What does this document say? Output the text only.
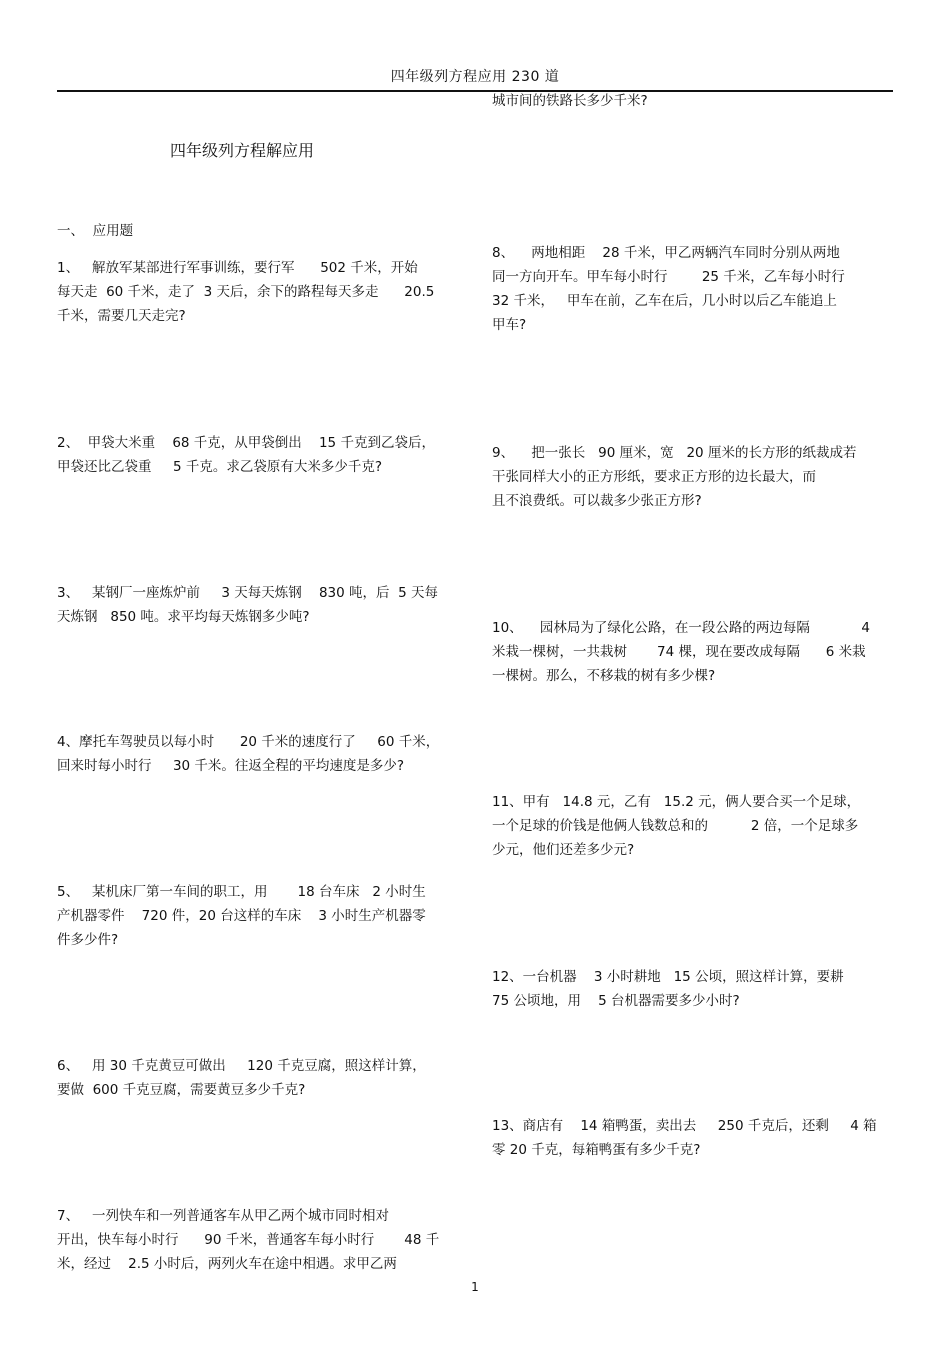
四年级列方程应用 230 道
四年级列方程解应用
一、  应用题
1、   解放军某部进行军事训练，要行军      502 千米，开始
每天走  60 千米，走了  3 天后，余下的路程每天多走      20.5
千米，需要几天走完?
2、  甲袋大米重    68 千克，从甲袋倒出    15 千克到乙袋后，
甲袋还比乙袋重     5 千克。求乙袋原有大米多少千克?
3、   某钢厂一座炼炉前     3 天每天炼钢    830 吨，后  5 天每
天炼钢   850 吨。求平均每天炼钢多少吨?
4、摩托车驾驶员以每小时      20 千米的速度行了     60 千米，
回来时每小时行     30 千米。往返全程的平均速度是多少?
5、   某机床厂第一车间的职工，用       18 台车床   2 小时生
产机器零件    720 件，20 台这样的车床    3 小时生产机器零
件多少件?
6、   用 30 千克黄豆可做出     120 千克豆腐，照这样计算，
要做  600 千克豆腐，需要黄豆多少千克?
7、   一列快车和一列普通客车从甲乙两个城市同时相对
开出，快车每小时行      90 千米，普通客车每小时行       48 千
米，经过    2.5 小时后，两列火车在途中相遇。求甲乙两
城市间的铁路长多少千米?
8、    两地相距    28 千米，甲乙两辆汽车同时分别从两地
同一方向开车。甲车每小时行        25 千米，乙车每小时行
32 千米，   甲车在前，乙车在后，几小时以后乙车能追上
甲车?
9、    把一张长   90 厘米，宽   20 厘米的长方形的纸裁成若
干张同样大小的正方形纸，要求正方形的边长最大，而
且不浪费纸。可以裁多少张正方形?
10、    园林局为了绿化公路，在一段公路的两边每隔            4
米栽一棵树，一共栽树       74 棵，现在要改成每隔      6 米栽
一棵树。那么，不移栽的树有多少棵?
11、甲有   14.8 元，乙有   15.2 元，俩人要合买一个足球，
一个足球的价钱是他俩人钱数总和的          2 倍，一个足球多
少元，他们还差多少元?
12、一台机器    3 小时耕地   15 公顷，照这样计算，要耕
75 公顷地，用    5 台机器需要多少小时?
13、商店有    14 箱鸭蛋，卖出去     250 千克后，还剩     4 箱
零 20 千克，每箱鸭蛋有多少千克?
1
